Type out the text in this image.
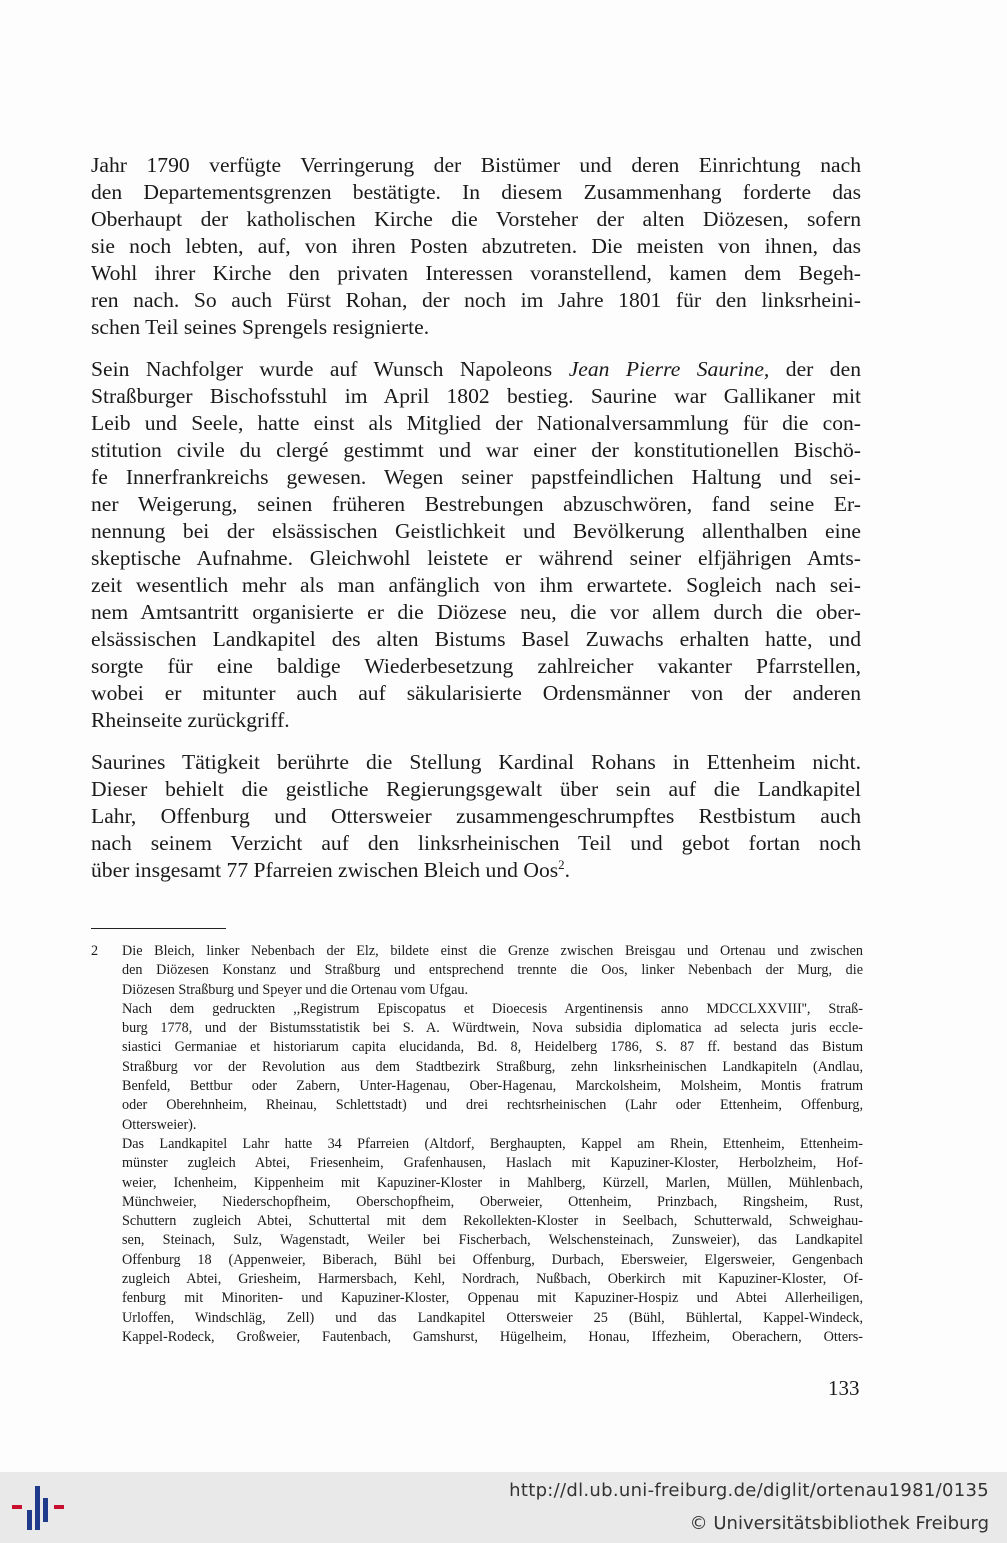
Jahr 1790 verfügte Verringerung der Bistümer und deren Einrichtung nach
den Departementsgrenzen bestätigte. In diesem Zusammenhang forderte das
Oberhaupt der katholischen Kirche die Vorsteher der alten Diözesen, sofern
sie noch lebten, auf, von ihren Posten abzutreten. Die meisten von ihnen, das
Wohl ihrer Kirche den privaten Interessen voranstellend, kamen dem Begeh-
ren nach. So auch Fürst Rohan, der noch im Jahre 1801 für den linksrheini-
schen Teil seines Sprengels resignierte.

Sein Nachfolger wurde auf Wunsch Napoleons Jean Pierre Saurine, der den
Straßburger Bischofsstuhl im April 1802 bestieg. Saurine war Gallikaner mit
Leib und Seele, hatte einst als Mitglied der Nationalversammlung für die con-
stitution civile du clergé gestimmt und war einer der konstitutionellen Bischö-
fe Innerfrankreichs gewesen. Wegen seiner papstfeindlichen Haltung und sei-
ner Weigerung, seinen früheren Bestrebungen abzuschwören, fand seine Er-
nennung bei der elsässischen Geistlichkeit und Bevölkerung allenthalben eine
skeptische Aufnahme. Gleichwohl leistete er während seiner elfjährigen Amts-
zeit wesentlich mehr als man anfänglich von ihm erwartete. Sogleich nach sei-
nem Amtsantritt organisierte er die Diözese neu, die vor allem durch die ober-
elsässischen Landkapitel des alten Bistums Basel Zuwachs erhalten hatte, und
sorgte für eine baldige Wiederbesetzung zahlreicher vakanter Pfarrstellen,
wobei er mitunter auch auf säkularisierte Ordensmänner von der anderen
Rheinseite zurückgriff.

Saurines Tätigkeit berührte die Stellung Kardinal Rohans in Ettenheim nicht.
Dieser behielt die geistliche Regierungsgewalt über sein auf die Landkapitel
Lahr, Offenburg und Ottersweier zusammengeschrumpftes Restbistum auch
nach seinem Verzicht auf den linksrheinischen Teil und gebot fortan noch
über insgesamt 77 Pfarreien zwischen Bleich und Oos$^2$.

2 Die Bleich, linker Nebenbach der Elz, bildete einst die Grenze zwischen Breisgau und Ortenau und zwischen
den Diözesen Konstanz und Straßburg und entsprechend trennte die Oos, linker Nebenbach der Murg, die
Diözesen Straßburg und Speyer und die Ortenau vom Ufgau.
Nach dem gedruckten ,,Registrum Episcopatus et Dioecesis Argentinensis anno MDCCLXXVIII'', Straß-
burg 1778, und der Bistumsstatistik bei S. A. Würdtwein, Nova subsidia diplomatica ad selecta juris eccle-
siastici Germaniae et historiarum capita elucidanda, Bd. 8, Heidelberg 1786, S. 87 ff. bestand das Bistum
Straßburg vor der Revolution aus dem Stadtbezirk Straßburg, zehn linksrheinischen Landkapiteln (Andlau,
Benfeld, Bettbur oder Zabern, Unter-Hagenau, Ober-Hagenau, Marckolsheim, Molsheim, Montis fratrum
oder Oberehnheim, Rheinau, Schlettstadt) und drei rechtsrheinischen (Lahr oder Ettenheim, Offenburg,
Ottersweier).
Das Landkapitel Lahr hatte 34 Pfarreien (Altdorf, Berghaupten, Kappel am Rhein, Ettenheim, Ettenheim-
münster zugleich Abtei, Friesenheim, Grafenhausen, Haslach mit Kapuziner-Kloster, Herbolzheim, Hof-
weier, Ichenheim, Kippenheim mit Kapuziner-Kloster in Mahlberg, Kürzell, Marlen, Müllen, Mühlenbach,
Münchweier, Niederschopfheim, Oberschopfheim, Oberweier, Ottenheim, Prinzbach, Ringsheim, Rust,
Schuttern zugleich Abtei, Schuttertal mit dem Rekollekten-Kloster in Seelbach, Schutterwald, Schweighau-
sen, Steinach, Sulz, Wagenstadt, Weiler bei Fischerbach, Welschensteinach, Zunsweier), das Landkapitel
Offenburg 18 (Appenweier, Biberach, Bühl bei Offenburg, Durbach, Ebersweier, Elgersweier, Gengenbach
zugleich Abtei, Griesheim, Harmersbach, Kehl, Nordrach, Nußbach, Oberkirch mit Kapuziner-Kloster, Of-
fenburg mit Minoriten- und Kapuziner-Kloster, Oppenau mit Kapuziner-Hospiz und Abtei Allerheiligen,
Urloffen, Windschläg, Zell) und das Landkapitel Ottersweier 25 (Bühl, Bühlertal, Kappel-Windeck,
Kappel-Rodeck, Großweier, Fautenbach, Gamshurst, Hügelheim, Honau, Iffezheim, Oberachern, Otters-
133
http://dl.ub.uni-freiburg.de/diglit/ortenau1981/0135
© Universitätsbibliothek Freiburg
